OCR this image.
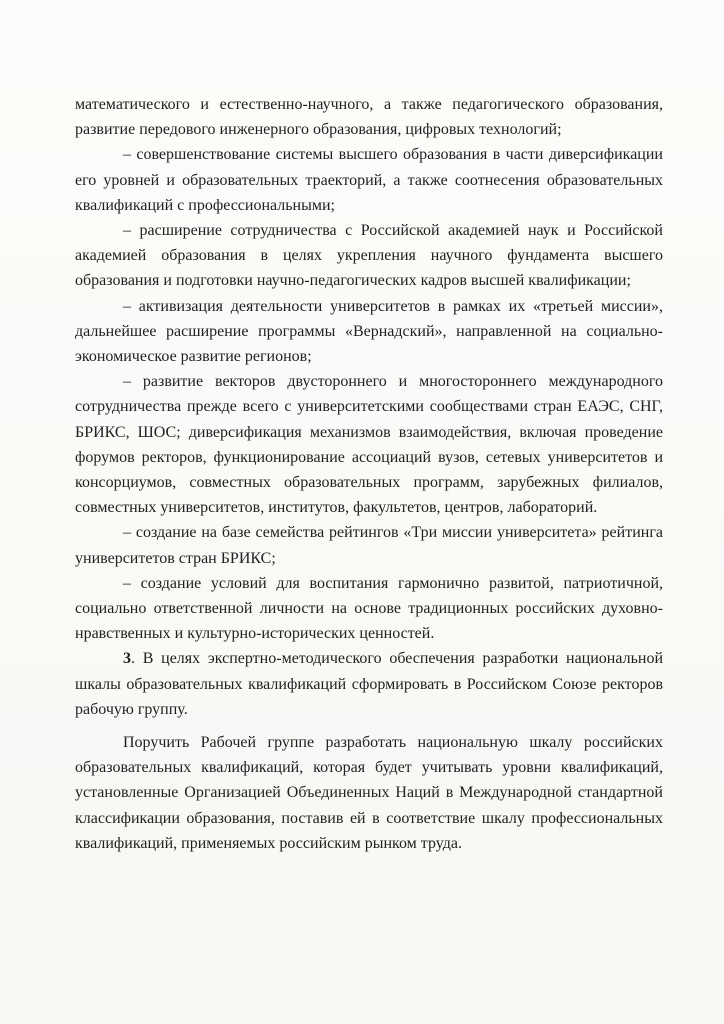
математического и естественно-научного, а также педагогического образования, развитие передового инженерного образования, цифровых технологий;

– совершенствование системы высшего образования в части диверсификации его уровней и образовательных траекторий, а также соотнесения образовательных квалификаций с профессиональными;

– расширение сотрудничества с Российской академией наук и Российской академией образования в целях укрепления научного фундамента высшего образования и подготовки научно-педагогических кадров высшей квалификации;

– активизация деятельности университетов в рамках их «третьей миссии», дальнейшее расширение программы «Вернадский», направленной на социально-экономическое развитие регионов;

– развитие векторов двустороннего и многостороннего международного сотрудничества прежде всего с университетскими сообществами стран ЕАЭС, СНГ, БРИКС, ШОС; диверсификация механизмов взаимодействия, включая проведение форумов ректоров, функционирование ассоциаций вузов, сетевых университетов и консорциумов, совместных образовательных программ, зарубежных филиалов, совместных университетов, институтов, факультетов, центров, лабораторий.

– создание на базе семейства рейтингов «Три миссии университета» рейтинга университетов стран БРИКС;

– создание условий для воспитания гармонично развитой, патриотичной, социально ответственной личности на основе традиционных российских духовно-нравственных и культурно-исторических ценностей.

3. В целях экспертно-методического обеспечения разработки национальной шкалы образовательных квалификаций сформировать в Российском Союзе ректоров рабочую группу.

Поручить Рабочей группе разработать национальную шкалу российских образовательных квалификаций, которая будет учитывать уровни квалификаций, установленные Организацией Объединенных Наций в Международной стандартной классификации образования, поставив ей в соответствие шкалу профессиональных квалификаций, применяемых российским рынком труда.
